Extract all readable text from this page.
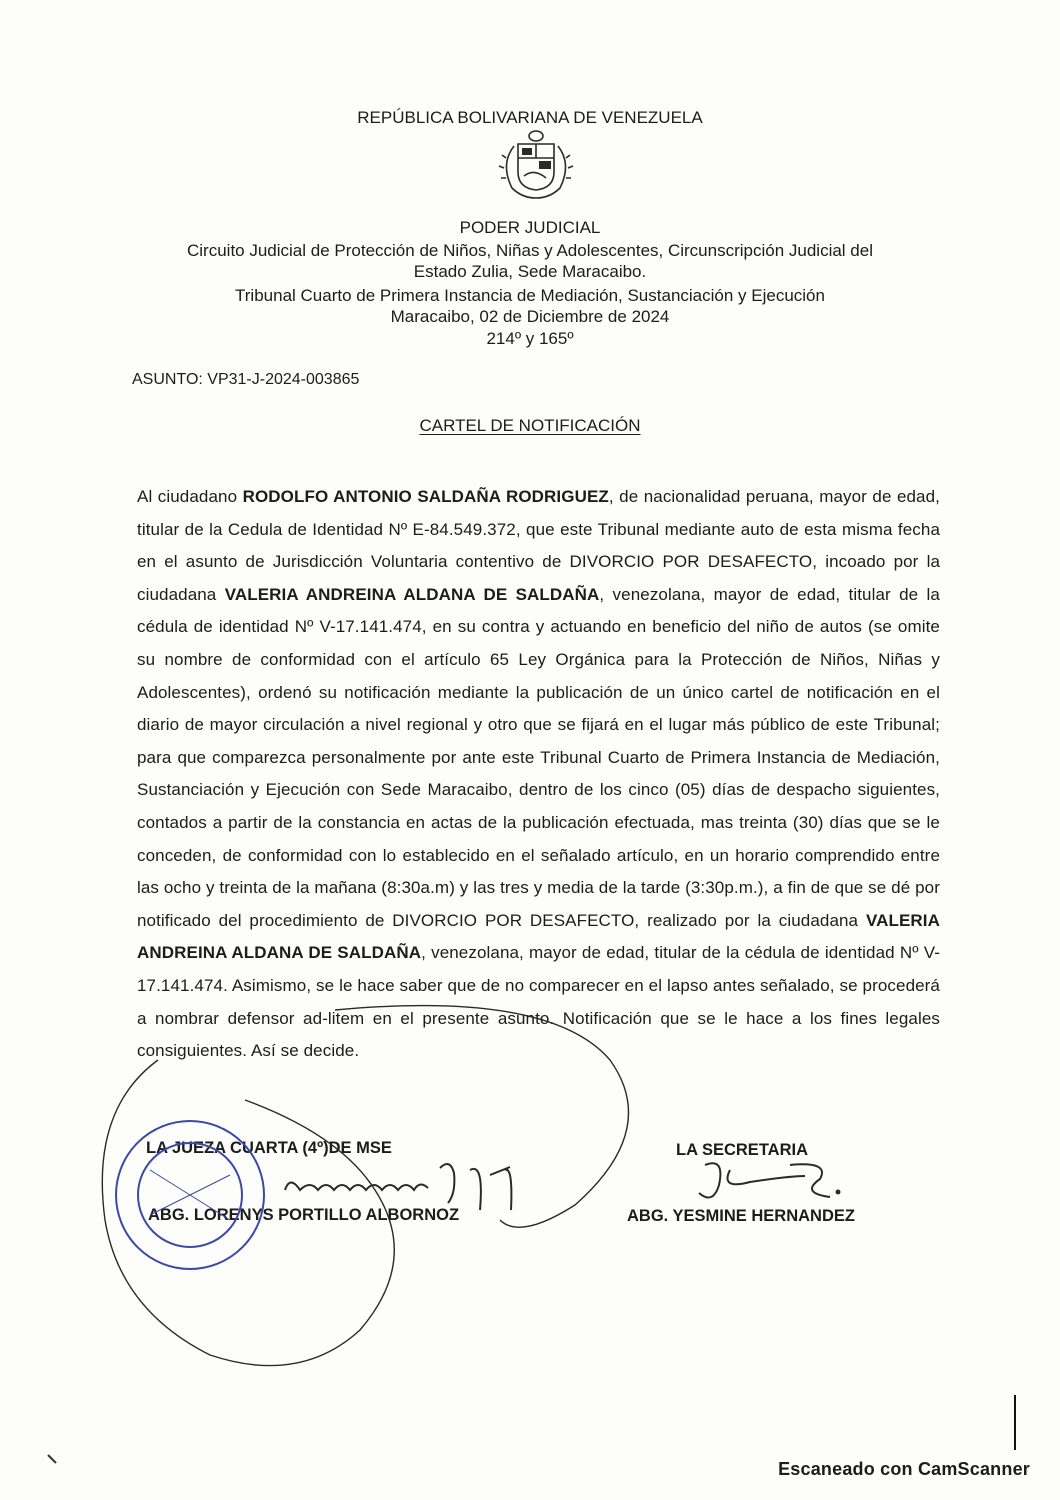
REPÚBLICA BOLIVARIANA DE VENEZUELA
PODER JUDICIAL
Circuito Judicial de Protección de Niños, Niñas y Adolescentes, Circunscripción Judicial del
Estado Zulia, Sede Maracaibo.
Tribunal Cuarto de Primera Instancia de Mediación, Sustanciación y Ejecución
Maracaibo, 02 de Diciembre de 2024
214º y 165º
ASUNTO: VP31-J-2024-003865
CARTEL DE NOTIFICACIÓN
Al ciudadano RODOLFO ANTONIO SALDAÑA RODRIGUEZ, de nacionalidad peruana, mayor de edad, titular de la Cedula de Identidad Nº E-84.549.372, que este Tribunal mediante auto de esta misma fecha en el asunto de Jurisdicción Voluntaria contentivo de DIVORCIO POR DESAFECTO, incoado por la ciudadana VALERIA ANDREINA ALDANA DE SALDAÑA, venezolana, mayor de edad, titular de la cédula de identidad Nº V-17.141.474, en su contra y actuando en beneficio del niño de autos (se omite su nombre de conformidad con el artículo 65 Ley Orgánica para la Protección de Niños, Niñas y Adolescentes), ordenó su notificación mediante la publicación de un único cartel de notificación en el diario de mayor circulación a nivel regional y otro que se fijará en el lugar más público de este Tribunal; para que comparezca personalmente por ante este Tribunal Cuarto de Primera Instancia de Mediación, Sustanciación y Ejecución con Sede Maracaibo, dentro de los cinco (05) días de despacho siguientes, contados a partir de la constancia en actas de la publicación efectuada, mas treinta (30) días que se le conceden, de conformidad con lo establecido en el señalado artículo, en un horario comprendido entre las ocho y treinta de la mañana (8:30a.m) y las tres y media de la tarde (3:30p.m.), a fin de que se dé por notificado del procedimiento de DIVORCIO POR DESAFECTO, realizado por la ciudadana VALERIA ANDREINA ALDANA DE SALDAÑA, venezolana, mayor de edad, titular de la cédula de identidad Nº V-17.141.474. Asimismo, se le hace saber que de no comparecer en el lapso antes señalado, se procederá a nombrar defensor ad-litem en el presente asunto. Notificación que se le hace a los fines legales consiguientes. Así se decide.
LA JUEZA CUARTA (4º)DE MSE
ABG. LORENYS PORTILLO ALBORNOZ
LA SECRETARIA
ABG. YESMINE HERNANDEZ
Escaneado con CamScanner
